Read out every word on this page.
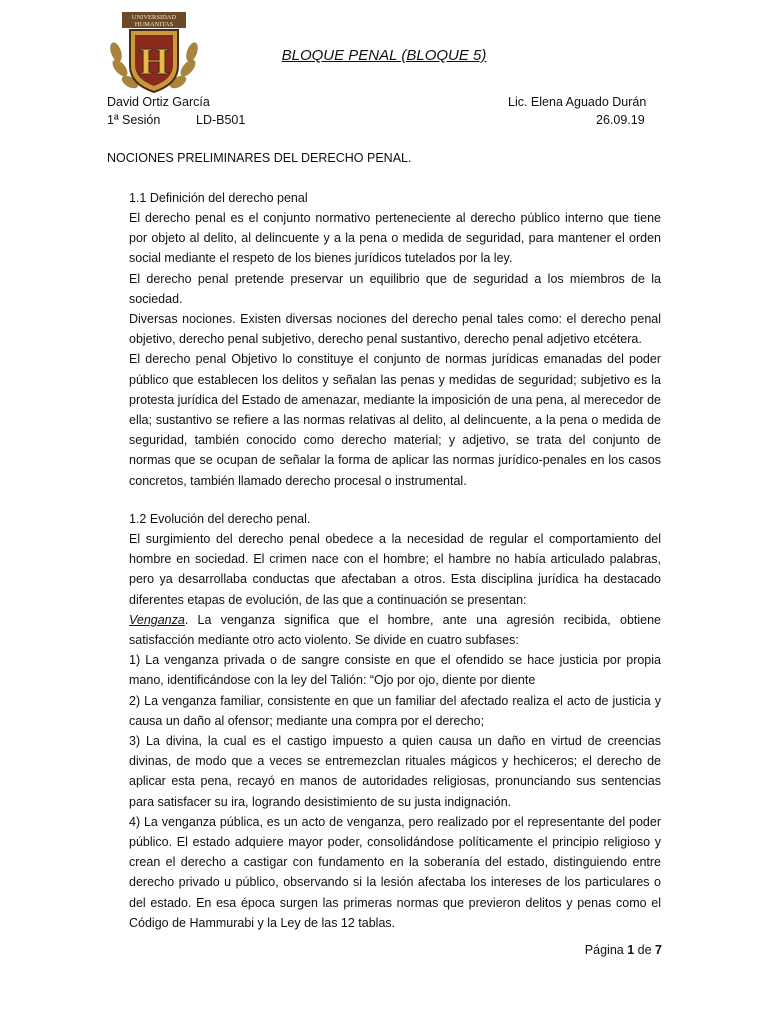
UNIVERSIDAD
HUMANITAS
H	BLOQUE PENAL (BLOQUE 5)
David Ortiz García	Lic. Elena Aguado Durán
1ª Sesión	LD-B501	26.09.19
NOCIONES PRELIMINARES DEL DERECHO PENAL.
1.1 Definición del derecho penal

El derecho penal es el conjunto normativo perteneciente al derecho público interno que tiene por objeto al delito, al delincuente y a la pena o medida de seguridad, para mantener el orden social mediante el respeto de los bienes jurídicos tutelados por la ley.

El derecho penal pretende preservar un equilibrio que de seguridad a los miembros de la sociedad.

Diversas nociones. Existen diversas nociones del derecho penal tales como: el derecho penal objetivo, derecho penal subjetivo, derecho penal sustantivo, derecho penal adjetivo etcétera.

El derecho penal Objetivo lo constituye el conjunto de normas jurídicas emanadas del poder público que establecen los delitos y señalan las penas y medidas de seguridad; subjetivo es la protesta jurídica del Estado de amenazar, mediante la imposición de una pena, al merecedor de ella; sustantivo se refiere a las normas relativas al delito, al delincuente, a la pena o medida de seguridad, también conocido como derecho material; y adjetivo, se trata del conjunto de normas que se ocupan de señalar la forma de aplicar las normas jurídico-penales en los casos concretos, también llamado derecho procesal o instrumental.

1.2 Evolución del derecho penal.

El surgimiento del derecho penal obedece a la necesidad de regular el comportamiento del hombre en sociedad. El crimen nace con el hombre; el hambre no había articulado palabras, pero ya desarrollaba conductas que afectaban a otros. Esta disciplina jurídica ha destacado diferentes etapas de evolución, de las que a continuación se presentan:

Venganza. La venganza significa que el hombre, ante una agresión recibida, obtiene satisfacción mediante otro acto violento. Se divide en cuatro subfases:

1) La venganza privada o de sangre consiste en que el ofendido se hace justicia por propia mano, identificándose con la ley del Talión: “Ojo por ojo, diente por diente

2) La venganza familiar, consistente en que un familiar del afectado realiza el acto de justicia y causa un daño al ofensor; mediante una compra por el derecho;

3) La divina, la cual es el castigo impuesto a quien causa un daño en virtud de creencias divinas, de modo que a veces se entremezclan rituales mágicos y hechiceros; el derecho de aplicar esta pena, recayó en manos de autoridades religiosas, pronunciando sus sentencias para satisfacer su ira, logrando desistimiento de su justa indignación.

4) La venganza pública, es un acto de venganza, pero realizado por el representante del poder público. El estado adquiere mayor poder, consolidándose políticamente el principio religioso y crean el derecho a castigar con fundamento en la soberanía del estado, distinguiendo entre derecho privado u público, observando si la lesión afectaba los intereses de los particulares o del estado. En esa época surgen las primeras normas que previeron delitos y penas como el Código de Hammurabi y la Ley de las 12 tablas.

Página 1 de 7
